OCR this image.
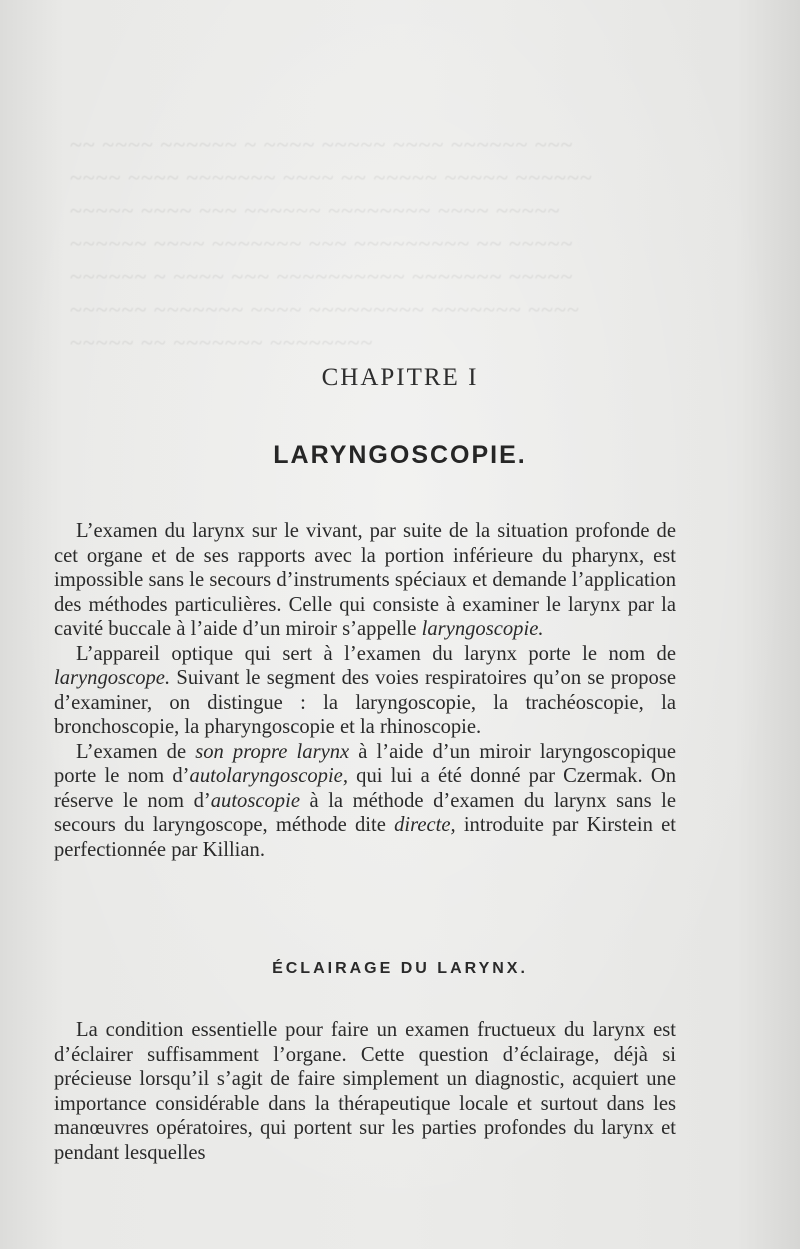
~~ ~~~~ ~~~~~~ ~ ~~~~ ~~~~~ ~~~~ ~~~~~~ ~~~
~~~~ ~~~~ ~~~~~~~ ~~~~ ~~ ~~~~~ ~~~~~ ~~~~~~
~~~~~ ~~~~ ~~~ ~~~~~~ ~~~~~~~~ ~~~~ ~~~~~
~~~~~~ ~~~~ ~~~~~~~ ~~~ ~~~~~~~~~ ~~ ~~~~~
~~~~~~ ~ ~~~~ ~~~ ~~~~~~~~~~ ~~~~~~~ ~~~~~
~~~~~~ ~~~~~~~ ~~~~ ~~~~~~~~~ ~~~~~~~ ~~~~
~~~~~ ~~ ~~~~~~~ ~~~~~~~~
CHAPITRE I
LARYNGOSCOPIE.

L’examen du larynx sur le vivant, par suite de la situation profonde de cet organe et de ses rapports avec la portion inférieure du pharynx, est impossible sans le secours d’instruments spéciaux et demande l’application des méthodes particulières. Celle qui consiste à examiner le larynx par la cavité buccale à l’aide d’un miroir s’appelle laryngoscopie.

L’appareil optique qui sert à l’examen du larynx porte le nom de laryngoscope. Suivant le segment des voies respiratoires qu’on se propose d’examiner, on distingue : la laryngoscopie, la trachéoscopie, la bronchoscopie, la pharyngoscopie et la rhinoscopie.

L’examen de son propre larynx à l’aide d’un miroir laryngoscopique porte le nom d’autolaryngoscopie, qui lui a été donné par Czermak. On réserve le nom d’autoscopie à la méthode d’examen du larynx sans le secours du laryngoscope, méthode dite directe, introduite par Kirstein et perfectionnée par Killian.

ÉCLAIRAGE DU LARYNX.

La condition essentielle pour faire un examen fructueux du larynx est d’éclairer suffisamment l’organe. Cette question d’éclairage, déjà si précieuse lorsqu’il s’agit de faire simplement un diagnostic, acquiert une importance considérable dans la thérapeutique locale et surtout dans les manœuvres opératoires, qui portent sur les parties profondes du larynx et pendant lesquelles
